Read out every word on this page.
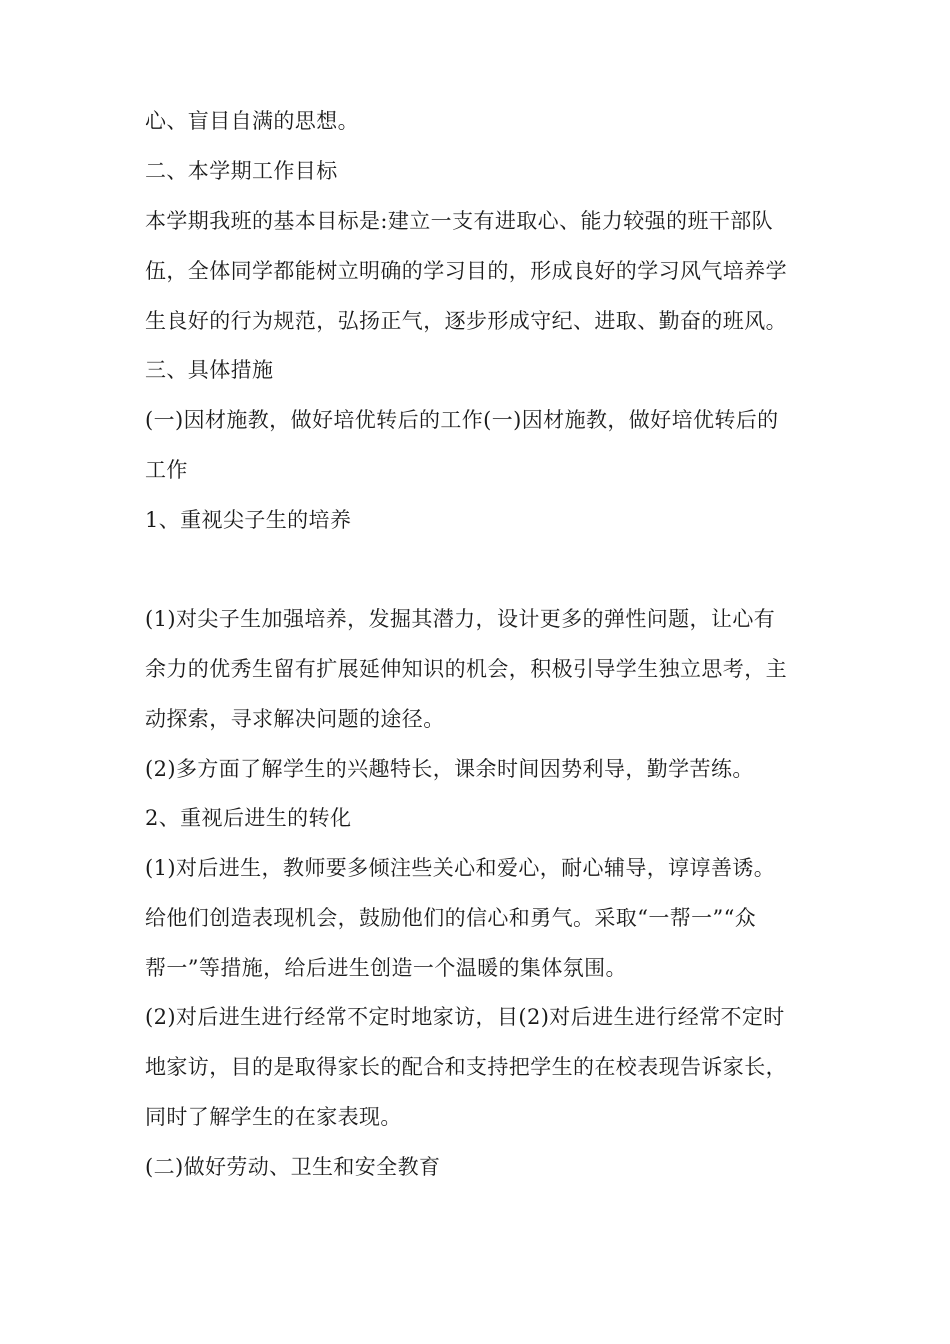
心、盲目自满的思想。
二、本学期工作目标
本学期我班的基本目标是:建立一支有进取心、能力较强的班干部队
伍，全体同学都能树立明确的学习目的，形成良好的学习风气培养学
生良好的行为规范，弘扬正气，逐步形成守纪、进取、勤奋的班风。
三、具体措施
(一)因材施教，做好培优转后的工作(一)因材施教，做好培优转后的
工作
1、重视尖子生的培养
(1)对尖子生加强培养，发掘其潜力，设计更多的弹性问题，让心有
余力的优秀生留有扩展延伸知识的机会，积极引导学生独立思考，主
动探索，寻求解决问题的途径。
(2)多方面了解学生的兴趣特长，课余时间因势利导，勤学苦练。
2、重视后进生的转化
(1)对后进生，教师要多倾注些关心和爱心，耐心辅导，谆谆善诱。
给他们创造表现机会，鼓励他们的信心和勇气。采取“一帮一”“众
帮一”等措施，给后进生创造一个温暖的集体氛围。
(2)对后进生进行经常不定时地家访，目(2)对后进生进行经常不定时
地家访，目的是取得家长的配合和支持把学生的在校表现告诉家长，
同时了解学生的在家表现。
(二)做好劳动、卫生和安全教育
